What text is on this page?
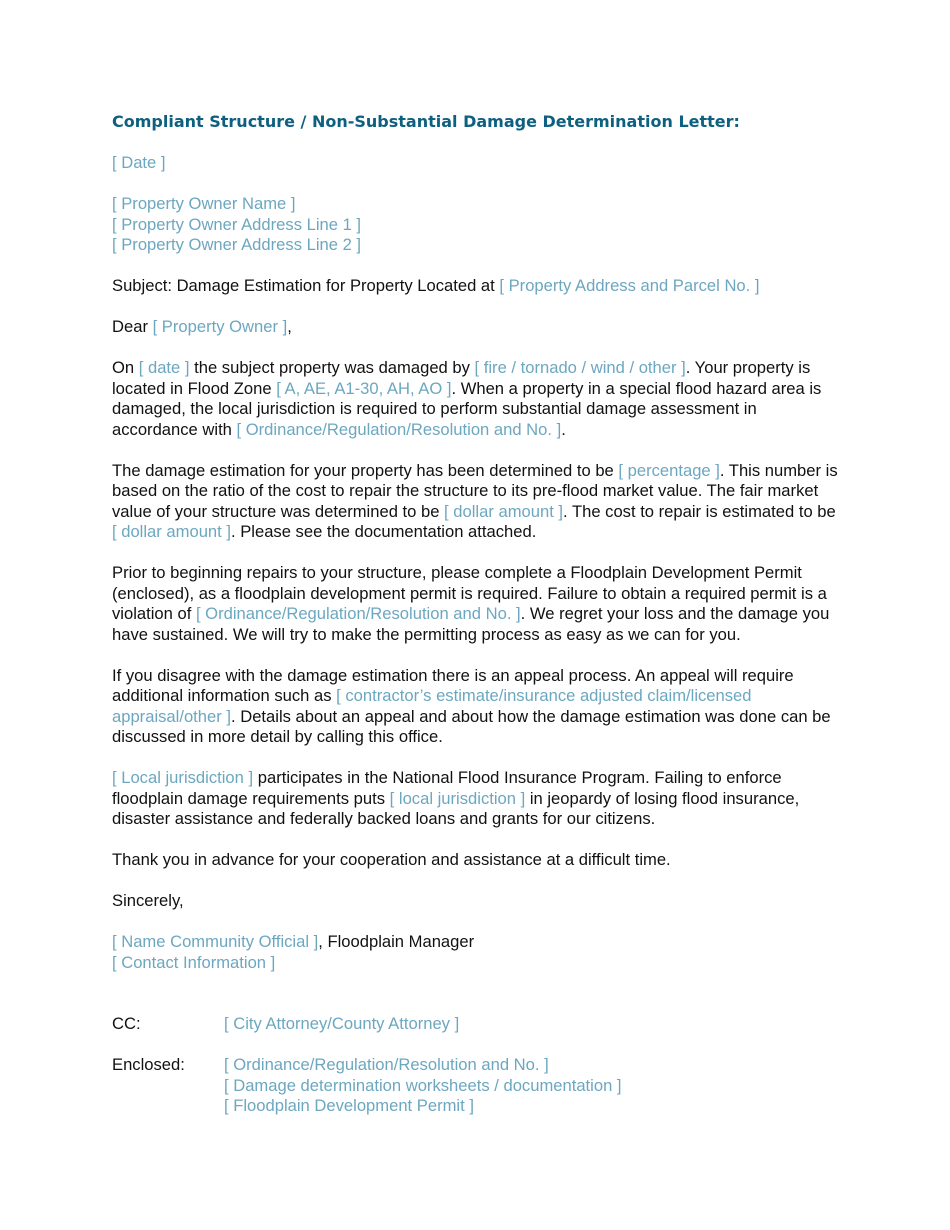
Compliant Structure / Non-Substantial Damage Determination Letter:
[ Date ]
[ Property Owner Name ]
[ Property Owner Address Line 1 ]
[ Property Owner Address Line 2 ]
Subject: Damage Estimation for Property Located at [ Property Address and Parcel No. ]
Dear [ Property Owner ],
On [ date ] the subject property was damaged by [ fire / tornado / wind / other ]. Your property is located in Flood Zone [ A, AE, A1-30, AH, AO ]. When a property in a special flood hazard area is damaged, the local jurisdiction is required to perform substantial damage assessment in accordance with [ Ordinance/Regulation/Resolution and No. ].
The damage estimation for your property has been determined to be [ percentage ]. This number is based on the ratio of the cost to repair the structure to its pre-flood market value. The fair market value of your structure was determined to be [ dollar amount ]. The cost to repair is estimated to be [ dollar amount ]. Please see the documentation attached.
Prior to beginning repairs to your structure, please complete a Floodplain Development Permit (enclosed), as a floodplain development permit is required. Failure to obtain a required permit is a violation of [ Ordinance/Regulation/Resolution and No. ]. We regret your loss and the damage you have sustained. We will try to make the permitting process as easy as we can for you.
If you disagree with the damage estimation there is an appeal process. An appeal will require additional information such as [ contractor’s estimate/insurance adjusted claim/licensed appraisal/other ]. Details about an appeal and about how the damage estimation was done can be discussed in more detail by calling this office.
[ Local jurisdiction ] participates in the National Flood Insurance Program. Failing to enforce floodplain damage requirements puts [ local jurisdiction ] in jeopardy of losing flood insurance, disaster assistance and federally backed loans and grants for our citizens.
Thank you in advance for your cooperation and assistance at a difficult time.
Sincerely,
[ Name Community Official ], Floodplain Manager
[ Contact Information ]
CC:	[ City Attorney/County Attorney ]
Enclosed: [ Ordinance/Regulation/Resolution and No. ]
[ Damage determination worksheets / documentation ]
[ Floodplain Development Permit ]
